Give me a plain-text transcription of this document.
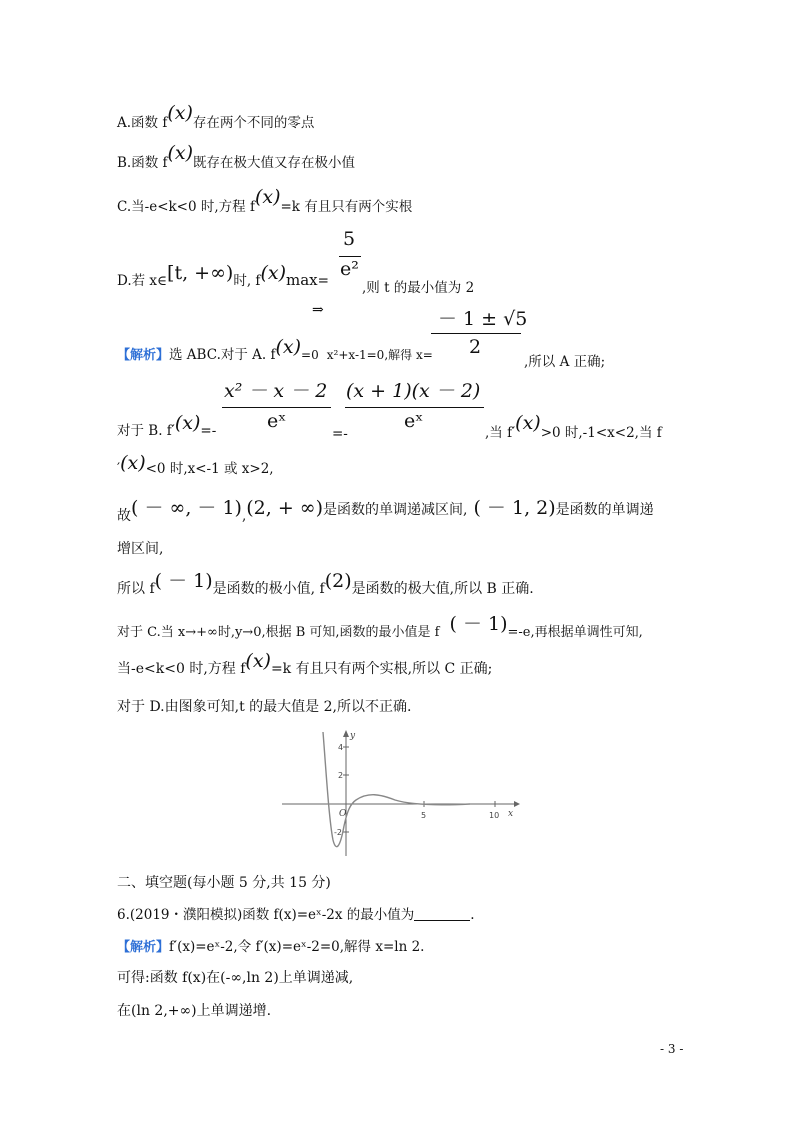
A.函数 f(x)存在两个不同的零点
B.函数 f(x)既存在极大值又存在极小值
C.当-e<k<0 时,方程 f(x)=k 有且只有两个实根
5
D.若 x∈[t, +∞)时, f(x)max=
e²
,则 t 的最小值为 2
⇒	－ 1 ± √5
2
【解析】选 ABC.对于 A. f(x)=0 x²+x-1=0,解得 x=	,所以 A 正确;
x² － x － 2
eˣ
(x + 1)(x － 2)
eˣ
对于 B. f′(x)=-	=-	$_{,当 f'}(x)_{>0 时,-1<x<2,当 f}$
′(x)<0 时,x<-1 或 x>2,
故( － ∞, － 1),(2, + ∞)是函数的单调递减区间, ( － 1, 2)是函数的单调递
增区间,
所以 f( － 1)是函数的极小值, f(2)是函数的极大值,所以 B 正确.
对于 C.当 x→+∞时,y→0,根据 B 可知,函数的最小值是 f ( － 1)=-e,再根据单调性可知,
当-e<k<0 时,方程 f(x)=k 有且只有两个实根,所以 C 正确;
对于 D.由图象可知,t 的最大值是 2,所以不正确.
y
x
O
4
2
-2
5	10
二、填空题(每小题 5 分,共 15 分)
6.(2019・濮阳模拟)函数 f(x)=eˣ-2x 的最小值为	.
【解析】f′(x)=eˣ-2,令 f′(x)=eˣ-2=0,解得 x=ln 2.
可得:函数 f(x)在(-∞,ln 2)上单调递减,
在(ln 2,+∞)上单调递增.
- 3 -
